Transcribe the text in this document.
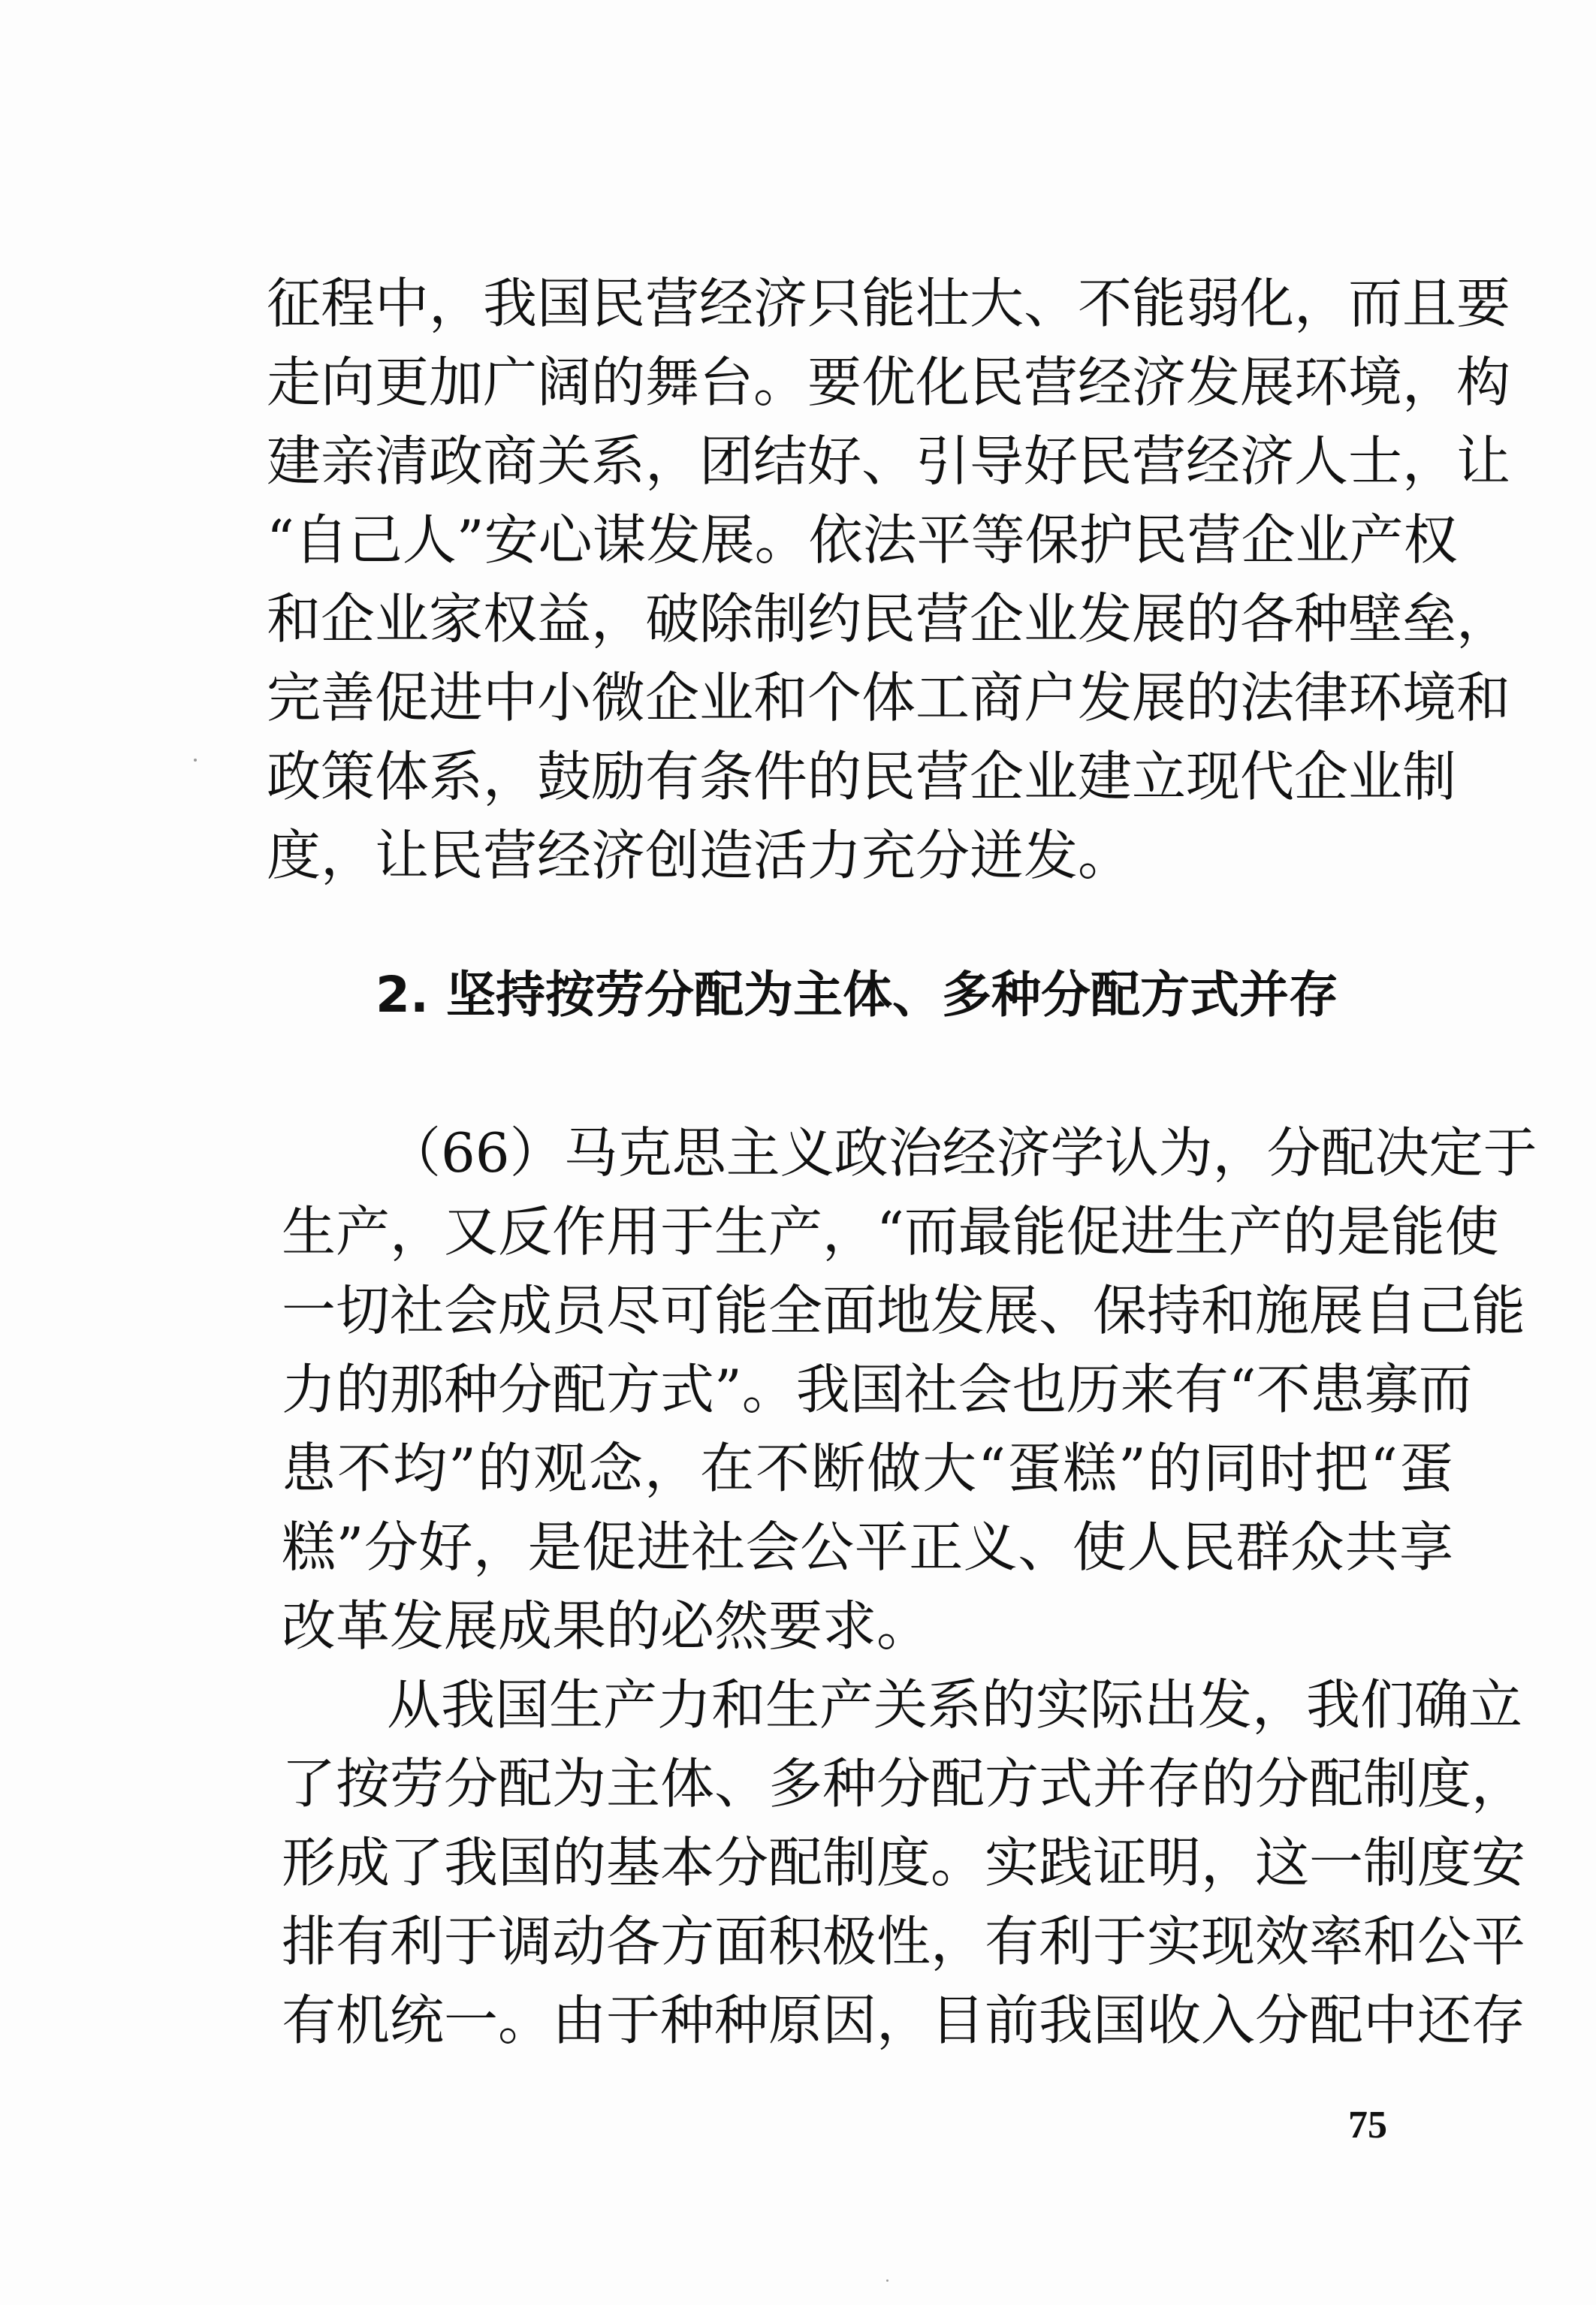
征程中，我国民营经济只能壮大、不能弱化，而且要
走向更加广阔的舞台。要优化民营经济发展环境，构
建亲清政商关系，团结好、引导好民营经济人士，让
“自己人”安心谋发展。依法平等保护民营企业产权
和企业家权益，破除制约民营企业发展的各种壁垒，
完善促进中小微企业和个体工商户发展的法律环境和
政策体系，鼓励有条件的民营企业建立现代企业制
度，让民营经济创造活力充分迸发。
2. 坚持按劳分配为主体、多种分配方式并存
（66）马克思主义政治经济学认为，分配决定于
生产，又反作用于生产，“而最能促进生产的是能使
一切社会成员尽可能全面地发展、保持和施展自己能
力的那种分配方式”。我国社会也历来有“不患寡而
患不均”的观念，在不断做大“蛋糕”的同时把“蛋
糕”分好，是促进社会公平正义、使人民群众共享
改革发展成果的必然要求。
从我国生产力和生产关系的实际出发，我们确立
了按劳分配为主体、多种分配方式并存的分配制度，
形成了我国的基本分配制度。实践证明，这一制度安
排有利于调动各方面积极性，有利于实现效率和公平
有机统一。由于种种原因，目前我国收入分配中还存
75
